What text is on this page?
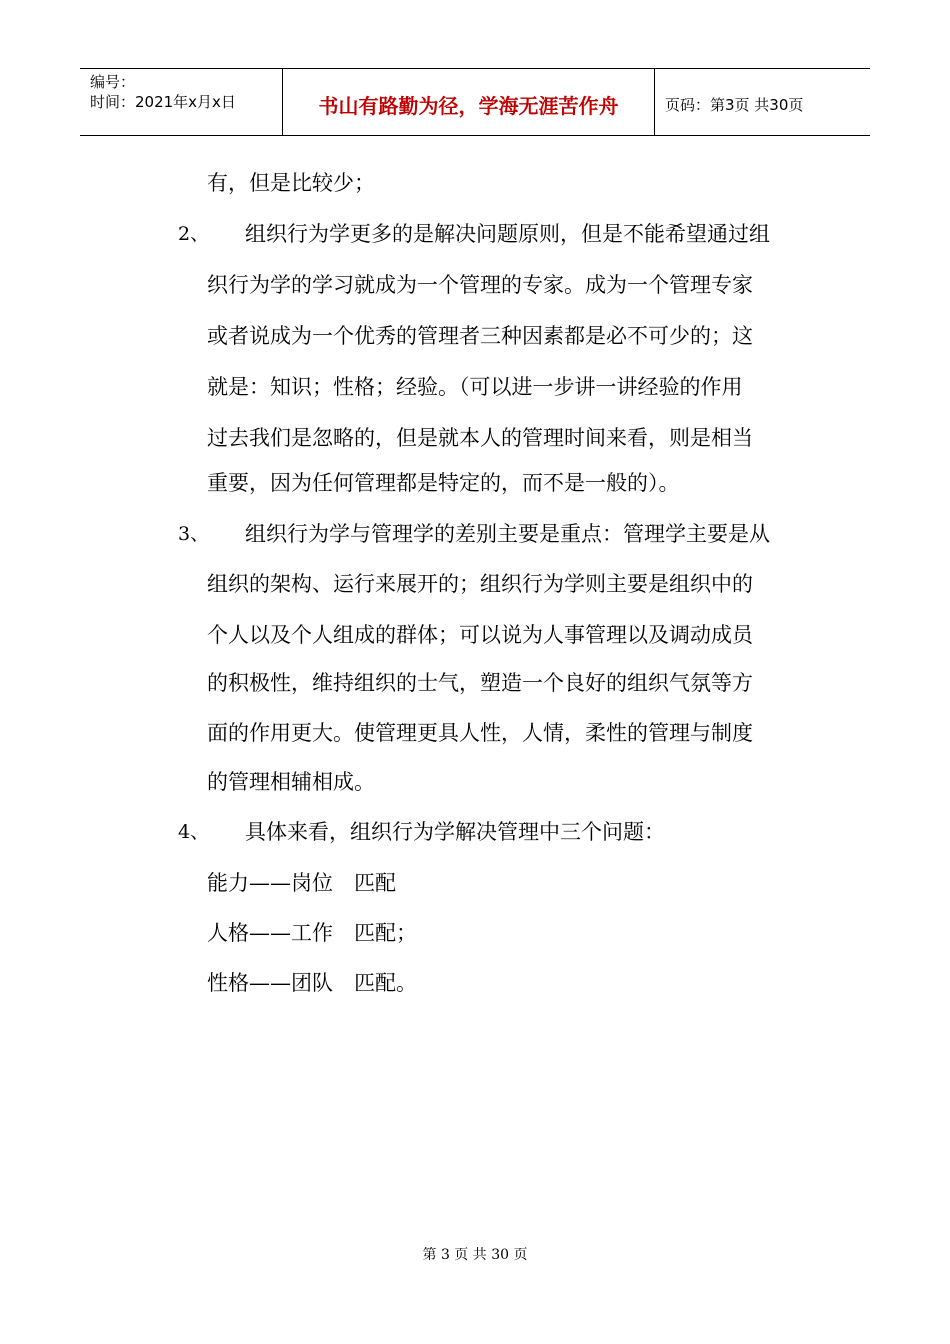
编号：
时间：2021年x月x日	书山有路勤为径，学海无涯苦作舟	页码：第3页 共30页
有，但是比较少；
2、 组织行为学更多的是解决问题原则，但是不能希望通过组
织行为学的学习就成为一个管理的专家。成为一个管理专家
或者说成为一个优秀的管理者三种因素都是必不可少的；这
就是：知识；性格；经验。（可以进一步讲一讲经验的作用
过去我们是忽略的，但是就本人的管理时间来看，则是相当
重要，因为任何管理都是特定的，而不是一般的）。
3、 组织行为学与管理学的差别主要是重点：管理学主要是从
组织的架构、运行来展开的；组织行为学则主要是组织中的
个人以及个人组成的群体；可以说为人事管理以及调动成员
的积极性，维持组织的士气，塑造一个良好的组织气氛等方
面的作用更大。使管理更具人性，人情，柔性的管理与制度
的管理相辅相成。
4、 具体来看，组织行为学解决管理中三个问题：
能力——岗位　匹配
人格——工作　匹配；
性格——团队　匹配。
第 3 页 共 30 页
